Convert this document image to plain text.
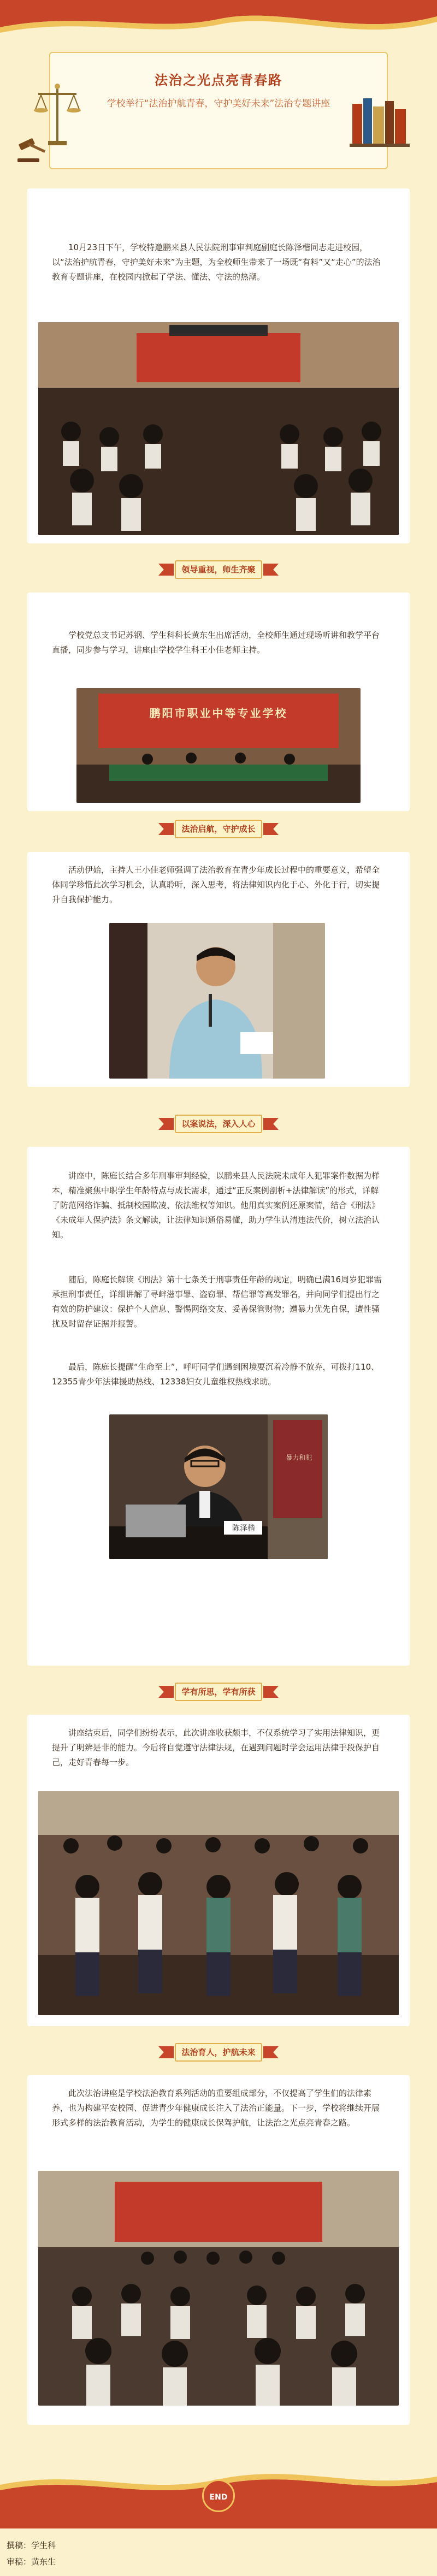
法治之光点亮青春路
学校举行“法治护航青春，守护美好未来”法治专题讲座
10月23日下午，学校特邀鹏来县人民法院刑事审判庭副庭长陈泽楷同志走进校园，以“法治护航青春，守护美好未来”为主题，为全校师生带来了一场既“有料”又“走心”的法治教育专题讲座，在校园内掀起了学法、懂法、守法的热潮。
领导重视，师生齐聚
学校党总支书记苏钢、学生科科长黄东生出席活动，全校师生通过现场听讲和教学平台直播，同步参与学习，讲座由学校学生科王小佳老师主持。
鹏阳市职业中等专业学校
法治启航，守护成长
活动伊始，主持人王小佳老师强调了法治教育在青少年成长过程中的重要意义，希望全体同学珍惜此次学习机会，认真聆听，深入思考，将法律知识内化于心、外化于行，切实提升自我保护能力。
以案说法，深入人心
讲座中，陈庭长结合多年刑事审判经验，以鹏来县人民法院未成年人犯罪案件数据为样本，精准聚焦中职学生年龄特点与成长需求，通过“正反案例剖析+法律解读”的形式，详解了防范网络诈骗、抵制校园欺凌、依法维权等知识。他用真实案例还原案情，结合《刑法》《未成年人保护法》条文解读，让法律知识通俗易懂，助力学生认清违法代价，树立法治认知。
随后，陈庭长解读《刑法》第十七条关于刑事责任年龄的规定，明确已满16周岁犯罪需承担刑事责任，详细讲解了寻衅滋事罪、盗窃罪、帮信罪等高发罪名，并向同学们提出行之有效的防护建议：保护个人信息、警惕网络交友、妥善保管财物；遭暴力优先自保，遭性骚扰及时留存证据并报警。
最后，陈庭长提醒“生命至上”，呼吁同学们遇到困境要沉着冷静不放弃，可拨打110、12355青少年法律援助热线、12338妇女儿童维权热线求助。
陈泽楷
暴力和犯
学有所思，学有所获
讲座结束后，同学们纷纷表示，此次讲座收获颇丰，不仅系统学习了实用法律知识，更提升了明辨是非的能力。今后将自觉遵守法律法规，在遇到问题时学会运用法律手段保护自己，走好青春每一步。
法治育人，护航未来
此次法治讲座是学校法治教育系列活动的重要组成部分，不仅提高了学生们的法律素养，也为构建平安校园、促进青少年健康成长注入了法治正能量。下一步，学校将继续开展形式多样的法治教育活动，为学生的健康成长保驾护航，让法治之光点亮青春之路。
END
撰稿：学生科
审稿：黄东生
